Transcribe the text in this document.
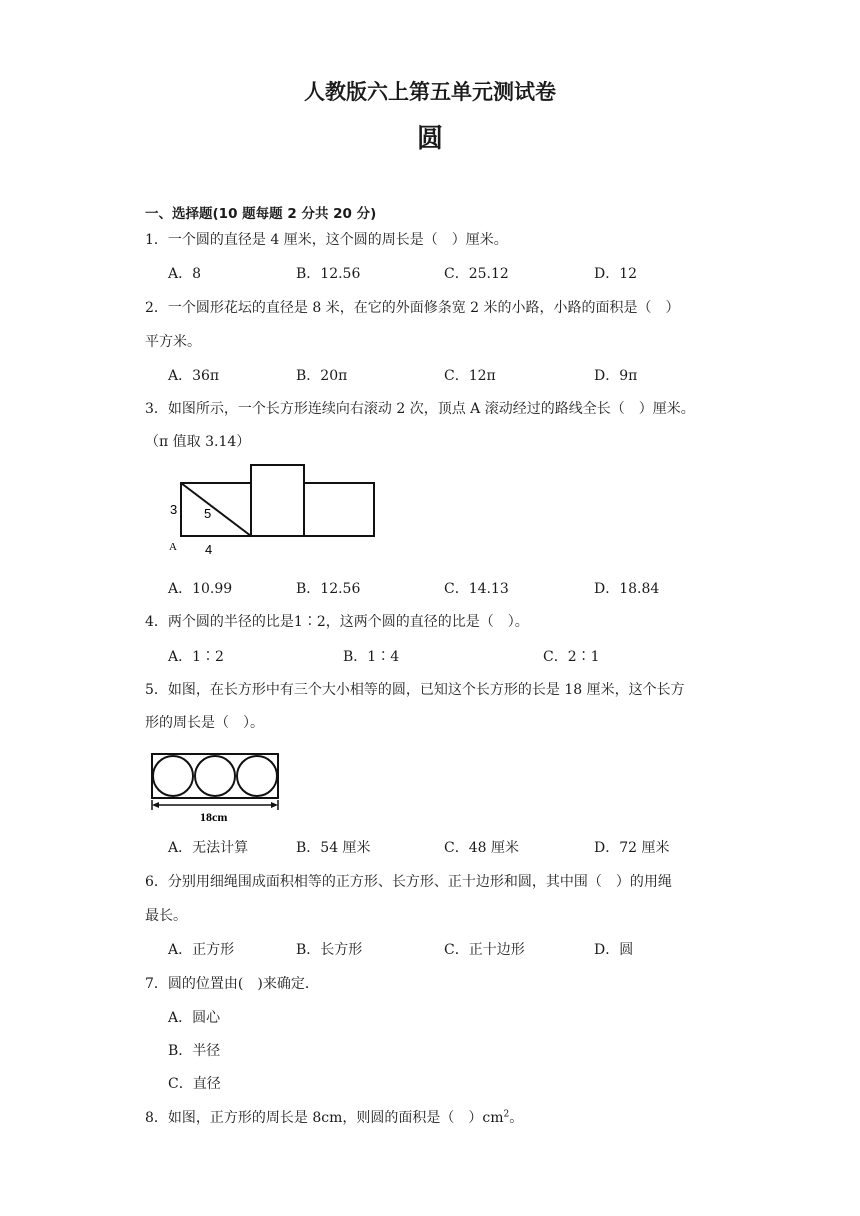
人教版六上第五单元测试卷
圆
一、选择题(10 题每题 2 分共 20 分)
1．一个圆的直径是 4 厘米，这个圆的周长是（　）厘米。
A．8	B．12.56	C．25.12	D．12
2．一个圆形花坛的直径是 8 米，在它的外面修条宽 2 米的小路，小路的面积是（　）
平方米。
A．36π	B．20π	C．12π	D．9π
3．如图所示，一个长方形连续向右滚动 2 次，顶点 A 滚动经过的路线全长（　）厘米。
（π 值取 3.14）
3 5
4
A
A．10.99	B．12.56	C．14.13	D．18.84
4．两个圆的半径的比是1∶2，这两个圆的直径的比是（　）。
A．1∶2	B．1∶4	C．2∶1
5．如图，在长方形中有三个大小相等的圆，已知这个长方形的长是 18 厘米，这个长方
形的周长是（　）。
18cm
A．无法计算	B．54 厘米	C．48 厘米	D．72 厘米
6．分别用细绳围成面积相等的正方形、长方形、正十边形和圆，其中围（　）的用绳
最长。
A．正方形	B．长方形	C．正十边形	D．圆
7．圆的位置由(　)来确定．
A．圆心
B．半径
C．直径
8．如图，正方形的周长是 8cm，则圆的面积是（　）$cm^2$。
